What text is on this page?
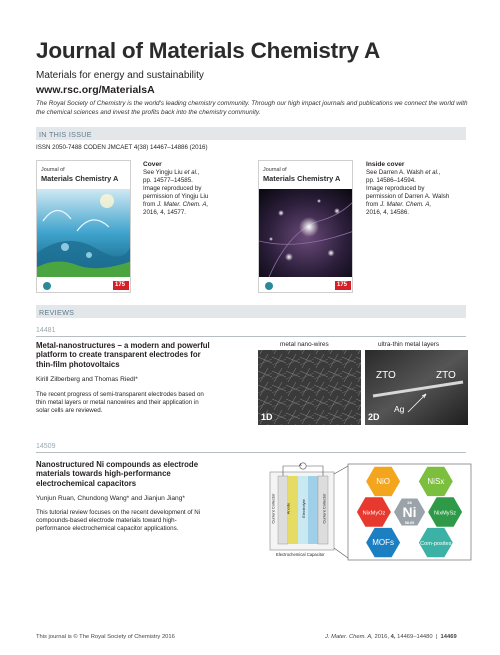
Journal of Materials Chemistry A
Materials for energy and sustainability
www.rsc.org/MaterialsA
The Royal Society of Chemistry is the world's leading chemistry community. Through our high impact journals and publications we connect the world with the chemical sciences and invest the profits back into the chemistry community.
IN THIS ISSUE
ISSN 2050-7488 CODEN JMCAET 4(38) 14467–14886 (2016)
Journal of
Materials Chemistry A
175
Cover
See Yingju Liu et al.,
pp. 14577–14585.
Image reproduced by
permission of Yingju Liu
from J. Mater. Chem. A,
2016, 4, 14577.
Journal of
Materials Chemistry A
175
Inside cover
See Darren A. Walsh et al.,
pp. 14586–14594.
Image reproduced by
permission of Darren A. Walsh
from J. Mater. Chem. A,
2016, 4, 14586.
REVIEWS
14481
Metal-nanostructures – a modern and powerful
platform to create transparent electrodes for
thin-film photovoltaics
Kirill Zilberberg and Thomas Riedl*
The recent progress of semi-transparent electrodes based on
thin metal layers or metal nanowires and their application in
solar cells are reviewed.
metal nano-wires	ultra-thin metal layers
1D	2D
ZTO	ZTO
Ag
14509
Nanostructured Ni compounds as electrode
materials towards high-performance
electrochemical capacitors
Yunjun Ruan, Chundong Wang* and Jianjun Jiang*
This tutorial review focuses on the recent development of Ni
compounds-based electrode materials toward high-
performance electrochemical capacitor applications.
A
Current Collector Anode	Electrolyte	Current Collector
Electrochemical Capacitor
NiO	NiSx
NixMyOz	NixMySz
MOFs	Com-posites
28
Ni
58.69
This journal is © The Royal Society of Chemistry 2016	J. Mater. Chem. A, 2016, 4, 14469–14480  |  14469
